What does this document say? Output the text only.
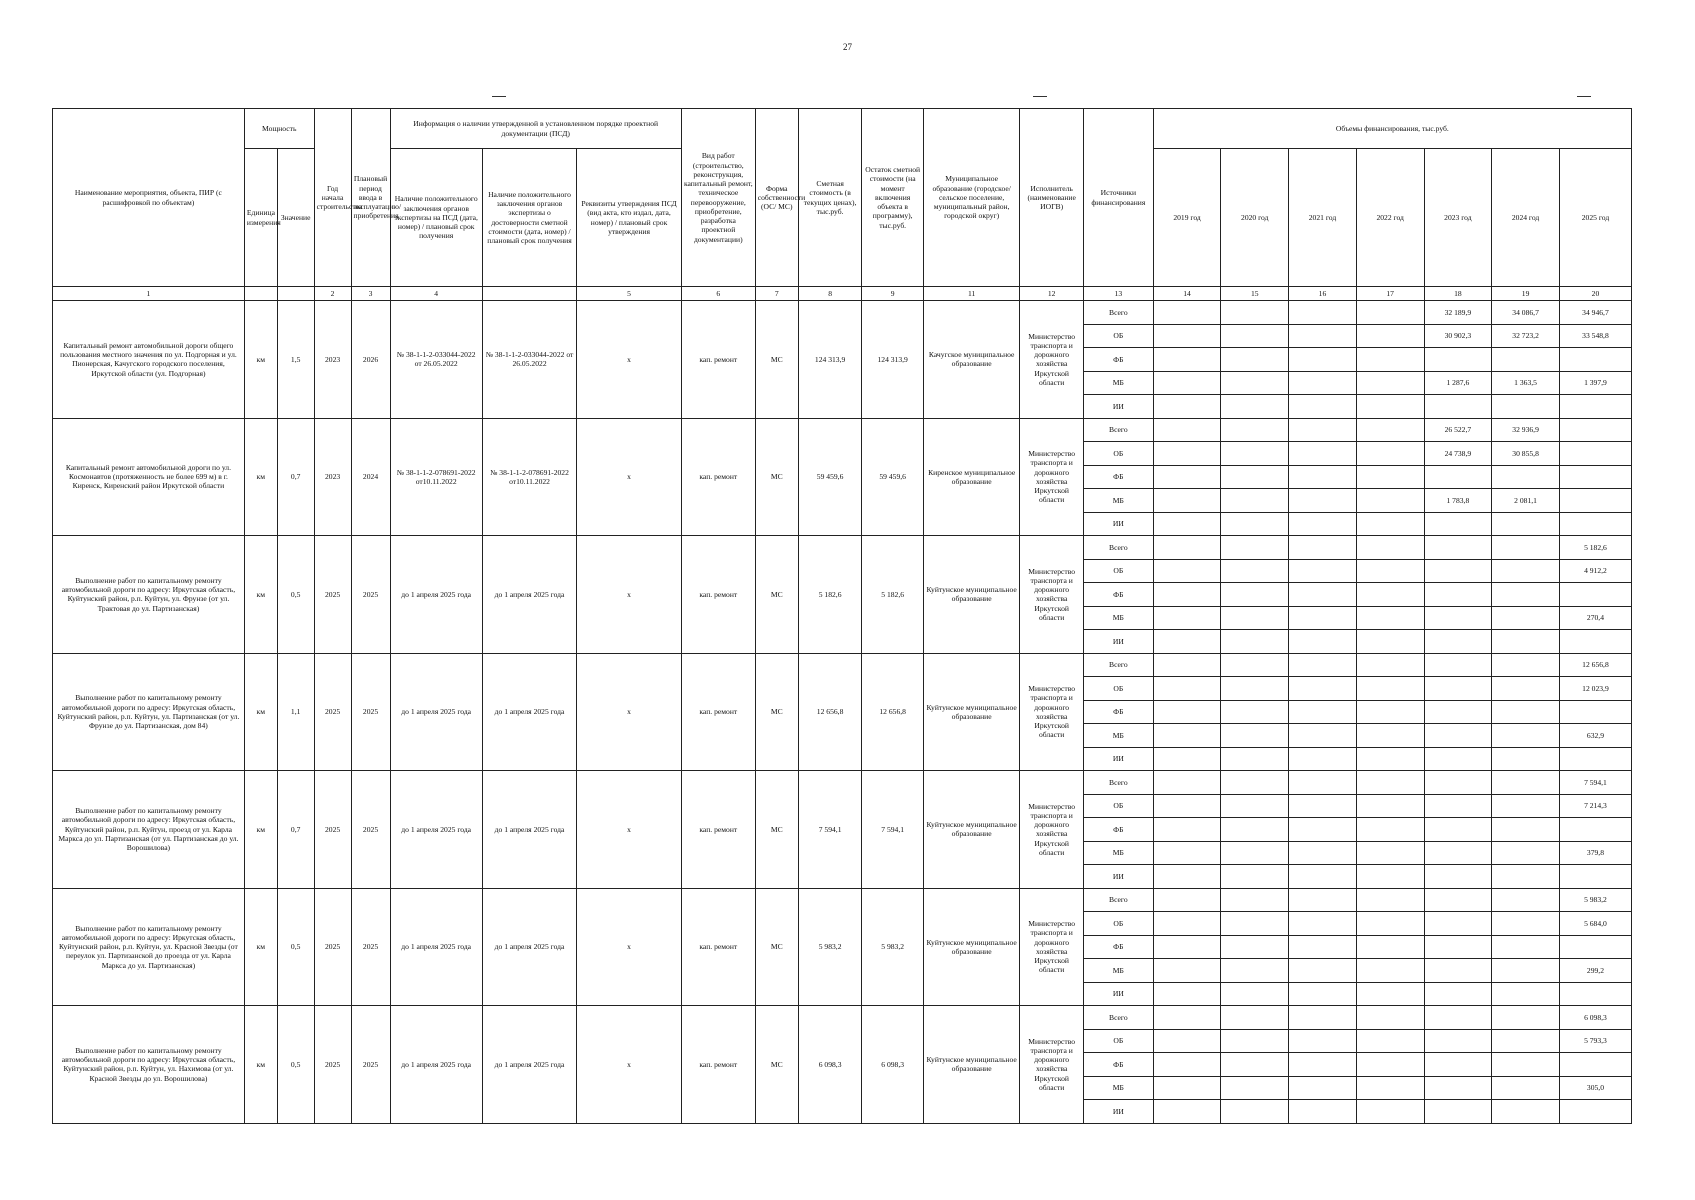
27
Наименование мероприятия, объекта, ПИР (с расшифровкой по объектам)	Мощность		Год начала строительства	Плановый период ввода в эксплуатацию/приобретения	Информация о наличии утвержденной в установленном порядке проектной документации (ПСД)			Вид работ (строительство, реконструкция, капитальный ремонт, техническое перевооружение, приобретение, разработка проектной документации)	Форма собственности (ОС/ МС)	Сметная стоимость (в текущих ценах), тыс.руб.	Остаток сметной стоимости (на момент включения объекта в программу), тыс.руб.	Муниципальное образование (городское/сельское поселение, муниципальный район, городской округ)	Исполнитель (наименование ИОГВ)	Источники финансирования	Объемы финансирования, тыс.руб.						
	Единица измерения	Значение			Наличие положительного заключения органов экспертизы на ПСД (дата, номер) / плановый срок получения	Наличие положительного заключения органов экспертизы о достоверности сметной стоимости (дата, номер) / плановый срок получения	Реквизиты утверждения ПСД (вид акта, кто издал, дата, номер) / плановый срок утверждения								2019 год	2020 год	2021 год	2022 год	2023 год	2024 год	2025 год
1			2	3	4		5	6	7	8	9	11	12	13	14	15	16	17	18	19	20
Капитальный ремонт автомобильной дороги общего пользования местного значения по ул. Подгорная и ул. Пионерская, Качугского городского поселения, Иркутской области (ул. Подгорная)	км	1,5	2023	2026	№ 38-1-1-2-033044-2022 от 26.05.2022	№ 38-1-1-2-033044-2022 от 26.05.2022	x	кап. ремонт	МС	124 313,9	124 313,9	Качугское муниципальное образование	Министерство транспорта и дорожного хозяйства Иркутской области	Всего					32 189,9	34 086,7	34 946,7
														ОБ					30 902,3	32 723,2	33 548,8
														ФБ							
														МБ					1 287,6	1 363,5	1 397,9
														ИИ							
Капитальный ремонт автомобильной дороги по ул. Космонавтов (протяженность не более 699 м) в г. Киренск, Киренский район Иркутской области	км	0,7	2023	2024	№ 38-1-1-2-078691-2022 от10.11.2022	№ 38-1-1-2-078691-2022 от10.11.2022	x	кап. ремонт	МС	59 459,6	59 459,6	Киренское муниципальное образование	Министерство транспорта и дорожного хозяйства Иркутской области	Всего					26 522,7	32 936,9	
														ОБ					24 738,9	30 855,8	
														ФБ							
														МБ					1 783,8	2 081,1	
														ИИ							
Выполнение работ по капитальному ремонту автомобильной дороги по адресу: Иркутская область, Куйтунский район, р.п. Куйтун, ул. Фрунзе (от ул. Трактовая до ул. Партизанская)	км	0,5	2025	2025	до 1 апреля 2025 года	до 1 апреля 2025 года	x	кап. ремонт	МС	5 182,6	5 182,6	Куйтунское муниципальное образование	Министерство транспорта и дорожного хозяйства Иркутской области	Всего							5 182,6
														ОБ							4 912,2
														ФБ							
														МБ							270,4
														ИИ							
Выполнение работ по капитальному ремонту автомобильной дороги по адресу: Иркутская область, Куйтунский район, р.п. Куйтун, ул. Партизанская (от ул. Фрунзе до ул. Партизанская, дом 84)	км	1,1	2025	2025	до 1 апреля 2025 года	до 1 апреля 2025 года	x	кап. ремонт	МС	12 656,8	12 656,8	Куйтунское муниципальное образование	Министерство транспорта и дорожного хозяйства Иркутской области	Всего							12 656,8
														ОБ							12 023,9
														ФБ							
														МБ							632,9
														ИИ							
Выполнение работ по капитальному ремонту автомобильной дороги по адресу: Иркутская область, Куйтунский район, р.п. Куйтун, проезд от ул. Карла Маркса до ул. Партизанская (от ул. Партизанская до ул. Ворошилова)	км	0,7	2025	2025	до 1 апреля 2025 года	до 1 апреля 2025 года	x	кап. ремонт	МС	7 594,1	7 594,1	Куйтунское муниципальное образование	Министерство транспорта и дорожного хозяйства Иркутской области	Всего							7 594,1
														ОБ							7 214,3
														ФБ							
														МБ							379,8
														ИИ							
Выполнение работ по капитальному ремонту автомобильной дороги по адресу: Иркутская область, Куйтунский район, р.п. Куйтун, ул. Красной Звезды (от переулок ул. Партизанской до проезда от ул. Карла Маркса до ул. Партизанская)	км	0,5	2025	2025	до 1 апреля 2025 года	до 1 апреля 2025 года	x	кап. ремонт	МС	5 983,2	5 983,2	Куйтунское муниципальное образование	Министерство транспорта и дорожного хозяйства Иркутской области	Всего							5 983,2
														ОБ							5 684,0
														ФБ							
														МБ							299,2
														ИИ							
Выполнение работ по капитальному ремонту автомобильной дороги по адресу: Иркутская область, Куйтунский район, р.п. Куйтун, ул. Нахимова (от ул. Красной Звезды до ул. Ворошилова)	км	0,5	2025	2025	до 1 апреля 2025 года	до 1 апреля 2025 года	x	кап. ремонт	МС	6 098,3	6 098,3	Куйтунское муниципальное образование	Министерство транспорта и дорожного хозяйства Иркутской области	Всего							6 098,3
														ОБ							5 793,3
														ФБ							
														МБ							305,0
														ИИ							
